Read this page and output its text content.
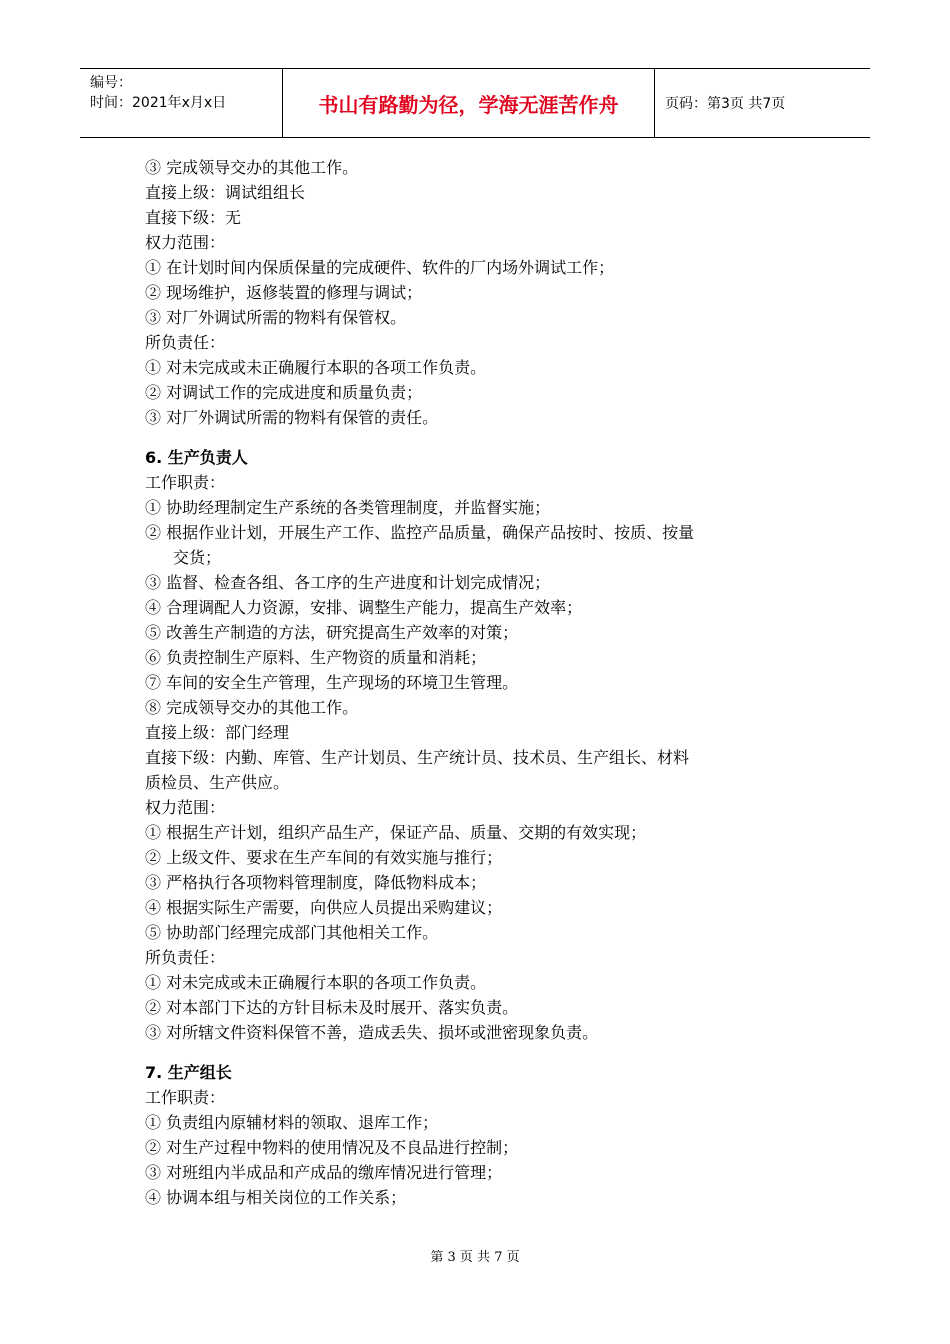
编号：
时间：2021年x月x日	书山有路勤为径，学海无涯苦作舟	页码：第3页 共7页
③ 完成领导交办的其他工作。
直接上级：调试组组长
直接下级：无
权力范围：
① 在计划时间内保质保量的完成硬件、软件的厂内场外调试工作；
② 现场维护，返修装置的修理与调试；
③ 对厂外调试所需的物料有保管权。
所负责任：
① 对未完成或未正确履行本职的各项工作负责。
② 对调试工作的完成进度和质量负责；
③ 对厂外调试所需的物料有保管的责任。
6. 生产负责人
工作职责：
① 协助经理制定生产系统的各类管理制度，并监督实施；
② 根据作业计划，开展生产工作、监控产品质量，确保产品按时、按质、按量
交货；
③ 监督、检查各组、各工序的生产进度和计划完成情况；
④ 合理调配人力资源，安排、调整生产能力，提高生产效率；
⑤ 改善生产制造的方法，研究提高生产效率的对策；
⑥ 负责控制生产原料、生产物资的质量和消耗；
⑦ 车间的安全生产管理，生产现场的环境卫生管理。
⑧ 完成领导交办的其他工作。
直接上级：部门经理
直接下级：内勤、库管、生产计划员、生产统计员、技术员、生产组长、材料
质检员、生产供应。
权力范围：
① 根据生产计划，组织产品生产，保证产品、质量、交期的有效实现；
② 上级文件、要求在生产车间的有效实施与推行；
③ 严格执行各项物料管理制度，降低物料成本；
④ 根据实际生产需要，向供应人员提出采购建议；
⑤ 协助部门经理完成部门其他相关工作。
所负责任：
① 对未完成或未正确履行本职的各项工作负责。
② 对本部门下达的方针目标未及时展开、落实负责。
③ 对所辖文件资料保管不善，造成丢失、损坏或泄密现象负责。
7. 生产组长
工作职责：
① 负责组内原辅材料的领取、退库工作；
② 对生产过程中物料的使用情况及不良品进行控制；
③ 对班组内半成品和产成品的缴库情况进行管理；
④ 协调本组与相关岗位的工作关系；
第 3 页 共 7 页
